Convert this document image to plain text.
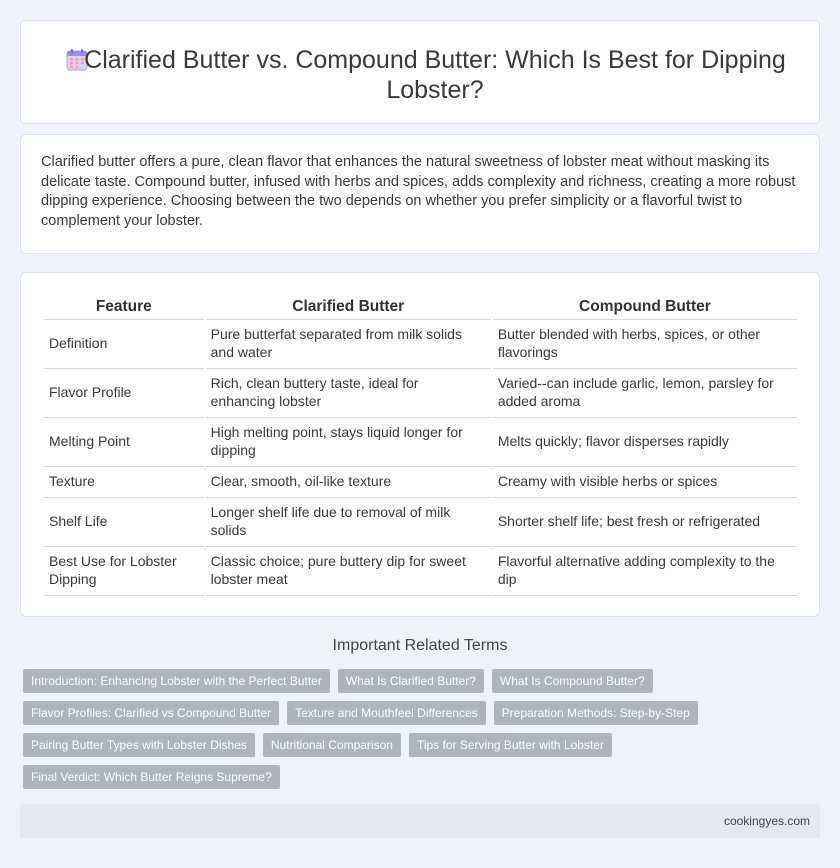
Clarified Butter vs. Compound Butter: Which Is Best for Dipping Lobster?

Clarified butter offers a pure, clean flavor that enhances the natural sweetness of lobster meat without masking its delicate taste. Compound butter, infused with herbs and spices, adds complexity and richness, creating a more robust dipping experience. Choosing between the two depends on whether you prefer simplicity or a flavorful twist to complement your lobster.

Feature	Clarified Butter	Compound Butter
Definition	Pure butterfat separated from milk solids and water	Butter blended with herbs, spices, or other flavorings
Flavor Profile	Rich, clean buttery taste, ideal for enhancing lobster	Varied--can include garlic, lemon, parsley for added aroma
Melting Point	High melting point, stays liquid longer for dipping	Melts quickly; flavor disperses rapidly
Texture	Clear, smooth, oil-like texture	Creamy with visible herbs or spices
Shelf Life	Longer shelf life due to removal of milk solids	Shorter shelf life; best fresh or refrigerated
Best Use for Lobster Dipping	Classic choice; pure buttery dip for sweet lobster meat	Flavorful alternative adding complexity to the dip
Important Related Terms
Introduction: Enhancing Lobster with the Perfect Butter	What Is Clarified Butter?	What Is Compound Butter?
Flavor Profiles: Clarified vs Compound Butter	Texture and Mouthfeel Differences	Preparation Methods: Step-by-Step
Pairing Butter Types with Lobster Dishes	Nutritional Comparison	Tips for Serving Butter with Lobster
Final Verdict: Which Butter Reigns Supreme?
cookingyes.com
